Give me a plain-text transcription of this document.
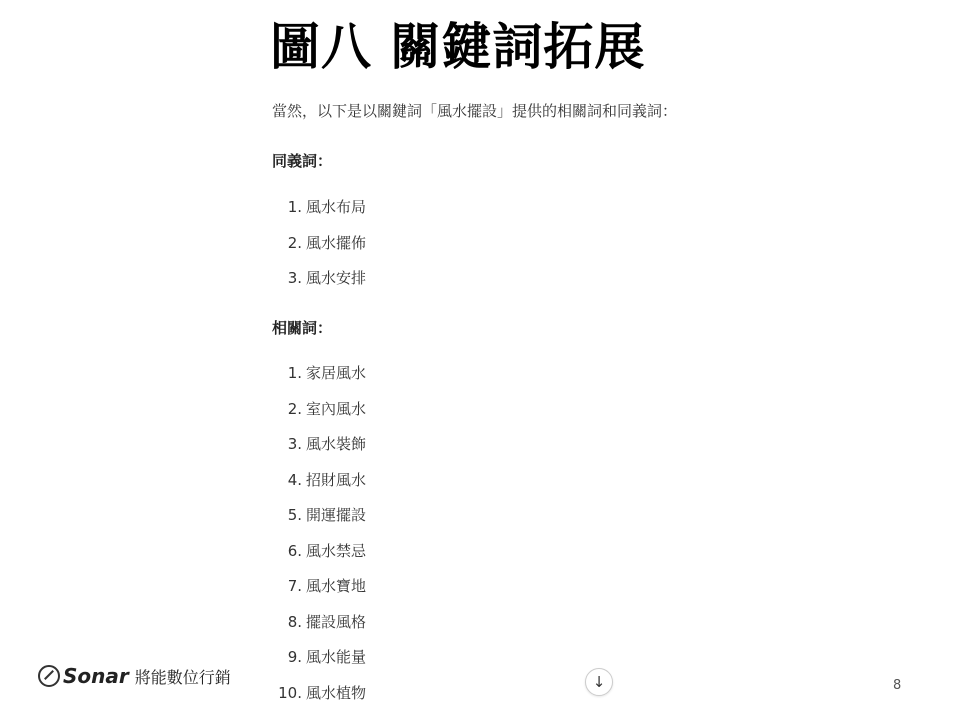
圖八 關鍵詞拓展
當然，以下是以關鍵詞「風水擺設」提供的相關詞和同義詞：
同義詞：
1. 風水布局
2. 風水擺佈
3. 風水安排
相關詞：
1. 家居風水
2. 室內風水
3. 風水裝飾
4. 招財風水
5. 開運擺設
6. 風水禁忌
7. 風水寶地
8. 擺設風格
9. 風水能量
10. 風水植物
Sonar 將能數位行銷	↓	8
